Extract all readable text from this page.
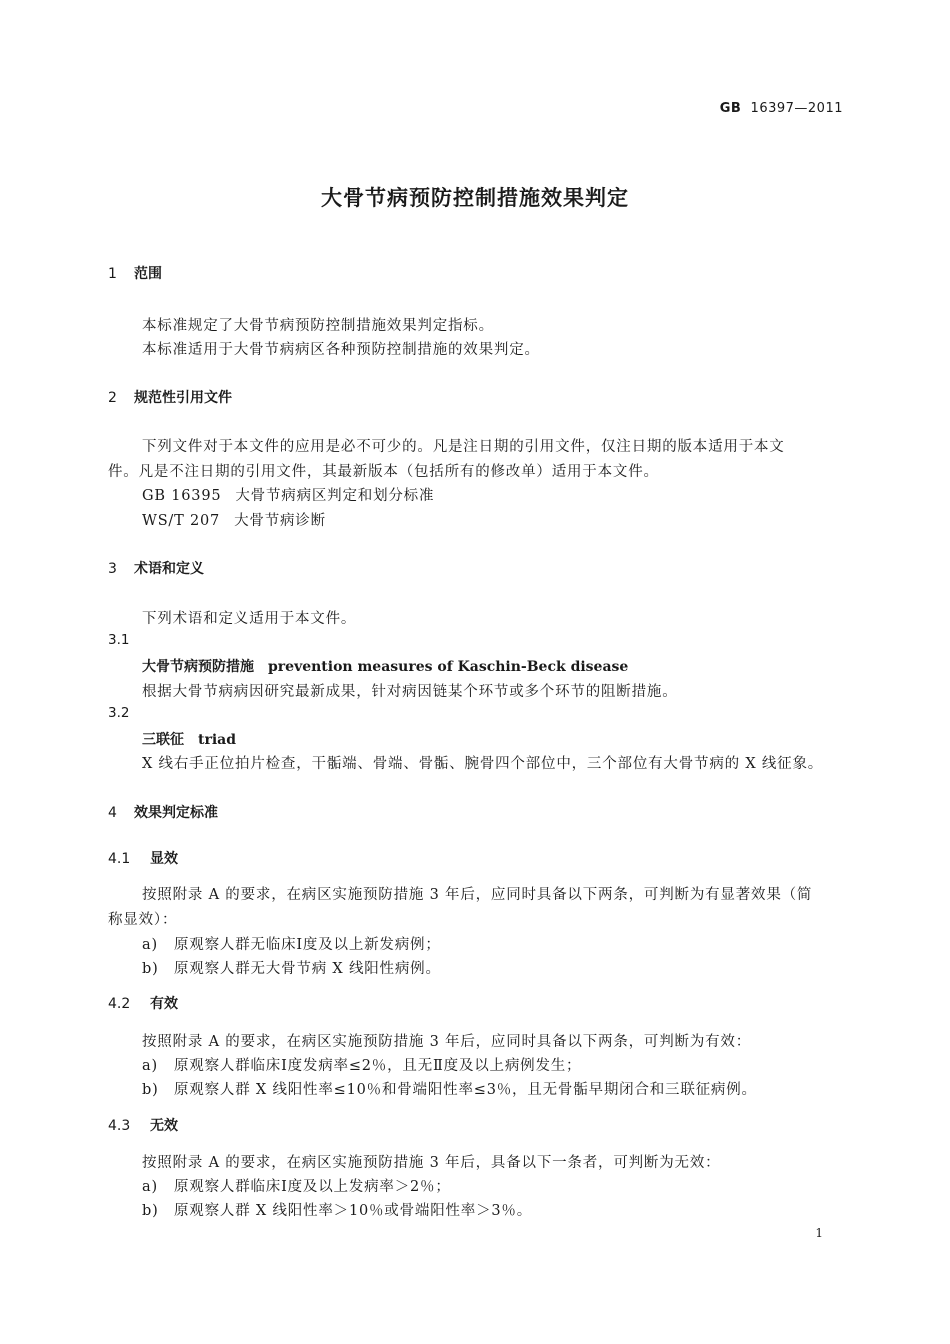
GB 16397—2011
大骨节病预防控制措施效果判定
1 范围
本标准规定了大骨节病预防控制措施效果判定指标。
本标准适用于大骨节病病区各种预防控制措施的效果判定。
2 规范性引用文件
下列文件对于本文件的应用是必不可少的。凡是注日期的引用文件，仅注日期的版本适用于本文
件。凡是不注日期的引用文件，其最新版本（包括所有的修改单）适用于本文件。
GB 16395 大骨节病病区判定和划分标准
WS/T 207 大骨节病诊断
3 术语和定义
下列术语和定义适用于本文件。
3.1
大骨节病预防措施 prevention measures of Kaschin-Beck disease
根据大骨节病病因研究最新成果，针对病因链某个环节或多个环节的阻断措施。
3.2
三联征 triad
X 线右手正位拍片检查，干骺端、骨端、骨骺、腕骨四个部位中，三个部位有大骨节病的 X 线征象。
4 效果判定标准
4.1 显效
按照附录 A 的要求，在病区实施预防措施 3 年后，应同时具备以下两条，可判断为有显著效果（简
称显效）：
a) 原观察人群无临床Ⅰ度及以上新发病例；
b) 原观察人群无大骨节病 X 线阳性病例。
4.2 有效
按照附录 A 的要求，在病区实施预防措施 3 年后，应同时具备以下两条，可判断为有效：
a) 原观察人群临床Ⅰ度发病率≤2％，且无Ⅱ度及以上病例发生；
b) 原观察人群 X 线阳性率≤10％和骨端阳性率≤3％，且无骨骺早期闭合和三联征病例。
4.3 无效
按照附录 A 的要求，在病区实施预防措施 3 年后，具备以下一条者，可判断为无效：
a) 原观察人群临床Ⅰ度及以上发病率＞2％；
b) 原观察人群 X 线阳性率＞10％或骨端阳性率＞3％。
1
